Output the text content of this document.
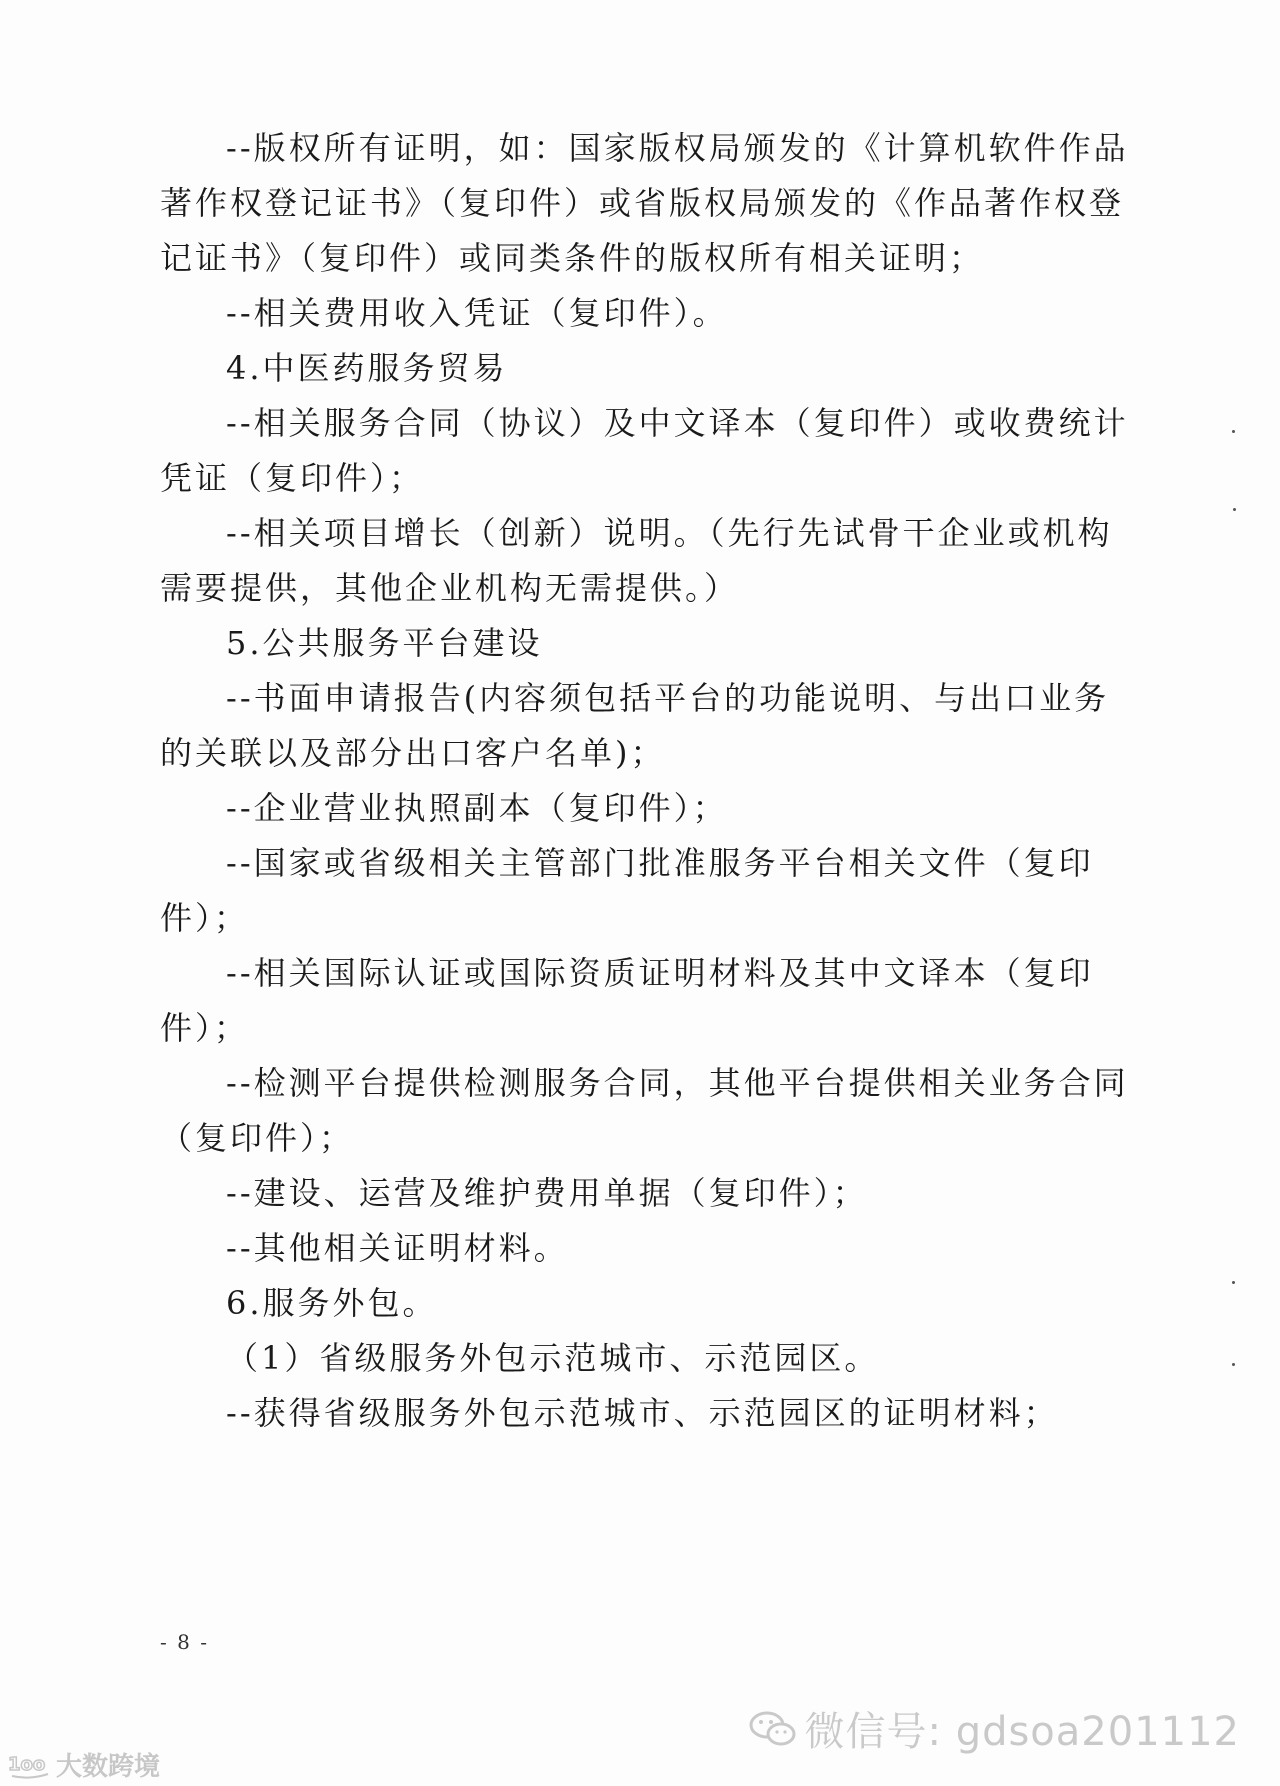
--版权所有证明，如：国家版权局颁发的《计算机软件作品
著作权登记证书》（复印件）或省版权局颁发的《作品著作权登
记证书》（复印件）或同类条件的版权所有相关证明；
--相关费用收入凭证（复印件）。
4.中医药服务贸易
--相关服务合同（协议）及中文译本（复印件）或收费统计
凭证（复印件）；
--相关项目增长（创新）说明。（先行先试骨干企业或机构
需要提供，其他企业机构无需提供。）
5.公共服务平台建设
--书面申请报告(内容须包括平台的功能说明、与出口业务
的关联以及部分出口客户名单)；
--企业营业执照副本（复印件）；
--国家或省级相关主管部门批准服务平台相关文件（复印
件）；
--相关国际认证或国际资质证明材料及其中文译本（复印
件）；
--检测平台提供检测服务合同，其他平台提供相关业务合同
（复印件）；
--建设、运营及维护费用单据（复印件）；
--其他相关证明材料。
6.服务外包。
（1）省级服务外包示范城市、示范园区。
--获得省级服务外包示范城市、示范园区的证明材料；
- 8 -
微信号: gdsoa201112
1oo 大数跨境
